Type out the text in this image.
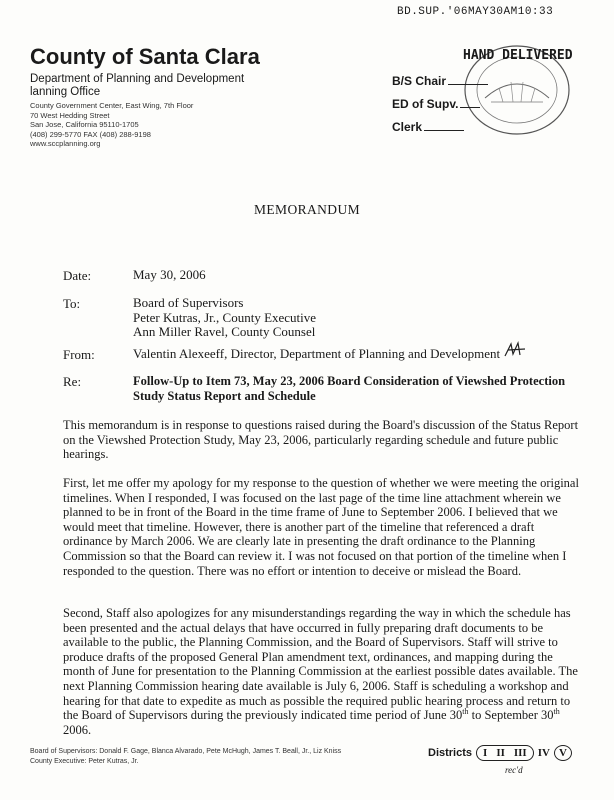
BD.SUP.'06MAY30AM10:33
HAND DELIVERED
County of Santa Clara
Department of Planning and Development
lanning Office
County Government Center, East Wing, 7th Floor
70 West Hedding Street
San Jose, California 95110-1705
(408) 299-5770 FAX (408) 288-9198
www.sccplanning.org
B/S Chair
ED of Supv.
Clerk
MEMORANDUM
Date:	May 30, 2006
To:	Board of Supervisors
Peter Kutras, Jr., County Executive
Ann Miller Ravel, County Counsel
From:	Valentin Alexeeff, Director, Department of Planning and Development
Re:	Follow-Up to Item 73, May 23, 2006 Board Consideration of Viewshed Protection Study Status Report and Schedule

This memorandum is in response to questions raised during the Board's discussion of the Status Report on the Viewshed Protection Study, May 23, 2006, particularly regarding schedule and future public hearings.

First, let me offer my apology for my response to the question of whether we were meeting the original timelines. When I responded, I was focused on the last page of the time line attachment wherein we planned to be in front of the Board in the time frame of June to September 2006. I believed that we would meet that timeline. However, there is another part of the timeline that referenced a draft ordinance by March 2006. We are clearly late in presenting the draft ordinance to the Planning Commission so that the Board can review it. I was not focused on that portion of the timeline when I responded to the question. There was no effort or intention to deceive or mislead the Board.

Second, Staff also apologizes for any misunderstandings regarding the way in which the schedule has been presented and the actual delays that have occurred in fully preparing draft documents to be available to the public, the Planning Commission, and the Board of Supervisors. Staff will strive to produce drafts of the proposed General Plan amendment text, ordinances, and mapping during the month of June for presentation to the Planning Commission at the earliest possible dates available. The next Planning Commission hearing date available is July 6, 2006. Staff is scheduling a workshop and hearing for that date to expedite as much as possible the required public hearing process and return to the Board of Supervisors during the previously indicated time period of June 30th to September 30th 2006.

Board of Supervisors: Donald F. Gage, Blanca Alvarado, Pete McHugh, James T. Beall, Jr., Liz Kniss
County Executive: Peter Kutras, Jr.
Districts I II III IV V
rec'd
